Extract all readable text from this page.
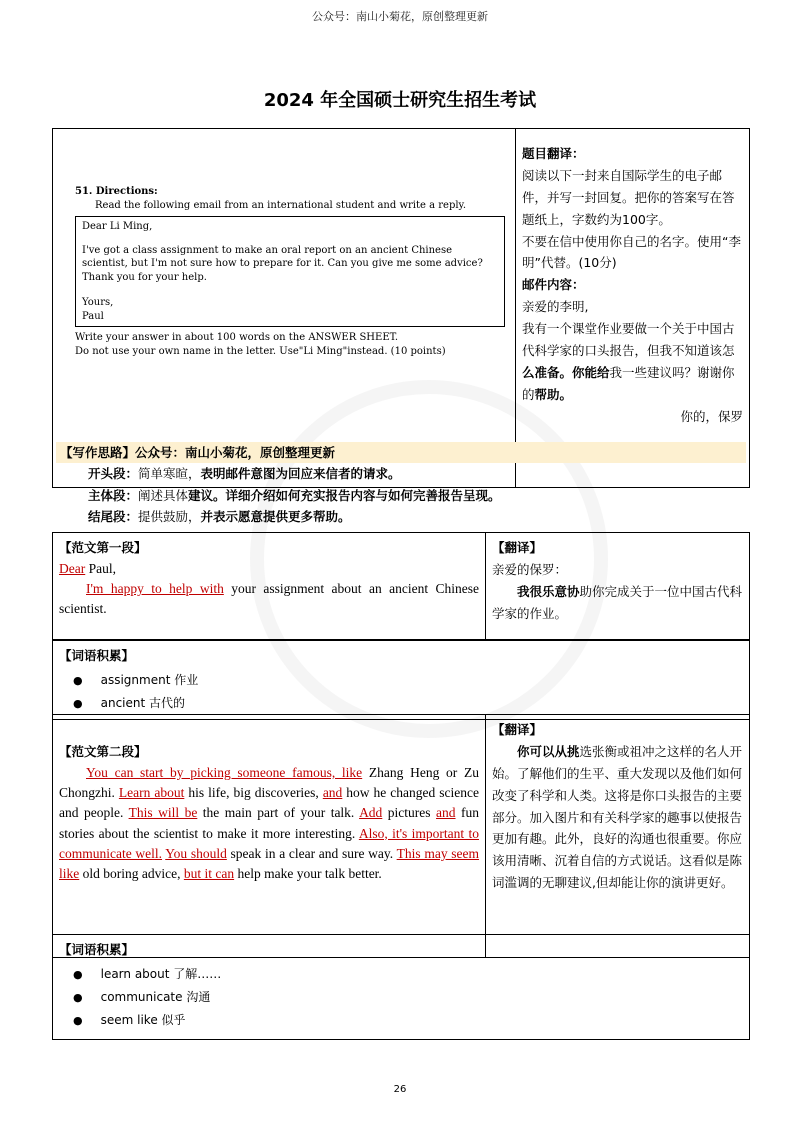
公众号：南山小菊花，原创整理更新
2024 年全国硕士研究生招生考试
51. Directions:
Read the following email from an international student and write a reply.
Dear Li Ming,
I've got a class assignment to make an oral report on an ancient Chinese scientist, but I'm not sure how to prepare for it. Can you give me some advice? Thank you for your help.
Yours,
Paul
Write your answer in about 100 words on the ANSWER SHEET.
Do not use your own name in the letter. Use"Li Ming"instead. (10 points)

题目翻译：
阅读以下一封来自国际学生的电子邮件，并写一封回复。把你的答案写在答题纸上，字数约为100字。
不要在信中使用你自己的名字。使用“李明”代替。(10分)
邮件内容：
亲爱的李明,
我有一个课堂作业要做一个关于中国古代科学家的口头报告，但我不知道该怎么准备。你能给我一些建议吗？谢谢你的帮助。
你的，保罗
【写作思路】公众号：南山小菊花，原创整理更新
开头段：简单寒暄，表明邮件意图为回应来信者的请求。
主体段：阐述具体建议。详细介绍如何充实报告内容与如何完善报告呈现。
结尾段：提供鼓励，并表示愿意提供更多帮助。
【范文第一段】
Dear Paul,
I'm happy to help with your assignment about an ancient Chinese scientist.

【翻译】
亲爱的保罗：
我很乐意协助你完成关于一位中国古代科学家的作业。
【词语积累】
● assignment 作业
● ancient 古代的
【范文第二段】
You can start by picking someone famous, like Zhang Heng or Zu Chongzhi. Learn about his life, big discoveries, and how he changed science and people. This will be the main part of your talk. Add pictures and fun stories about the scientist to make it more interesting. Also, it's important to communicate well. You should speak in a clear and sure way. This may seem like old boring advice, but it can help make your talk better.

【翻译】
你可以从挑选张衡或祖冲之这样的名人开始。了解他们的生平、重大发现以及他们如何改变了科学和人类。这将是你口头报告的主要部分。加入图片和有关科学家的趣事以使报告更加有趣。此外，良好的沟通也很重要。你应该用清晰、沉着自信的方式说话。这看似是陈词滥调的无聊建议,但却能让你的演讲更好。
【词语积累】
● learn about 了解……
● communicate 沟通
● seem like 似乎
26
